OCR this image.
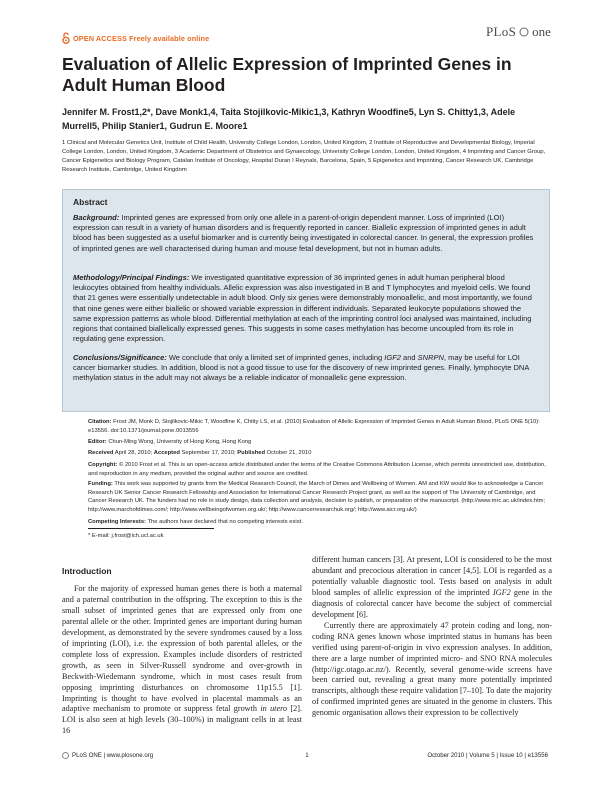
OPEN ACCESS Freely available online	PLoS one
Evaluation of Allelic Expression of Imprinted Genes in Adult Human Blood

Jennifer M. Frost1,2*, Dave Monk1,4, Taita Stojilkovic-Mikic1,3, Kathryn Woodfine5, Lyn S. Chitty1,3, Adele Murrell5, Philip Stanier1, Gudrun E. Moore1

1 Clinical and Molecular Genetics Unit, Institute of Child Health, University College London, London, United Kingdom, 2 Institute of Reproductive and Developmental Biology, Imperial College London, London, United Kingdom, 3 Academic Department of Obstetrics and Gynaecology, University College London, London, United Kingdom, 4 Imprinting and Cancer Group, Cancer Epigenetics and Biology Program, Catalan Institute of Oncology, Hospital Duran I Reynals, Barcelona, Spain, 5 Epigenetics and Imprinting, Cancer Research UK, Cambridge Research Institute, Cambridge, United Kingdom

Abstract

Background: Imprinted genes are expressed from only one allele in a parent-of-origin dependent manner. Loss of imprinted (LOI) expression can result in a variety of human disorders and is frequently reported in cancer. Biallelic expression of imprinted genes in adult blood has been suggested as a useful biomarker and is currently being investigated in colorectal cancer. In general, the expression profiles of imprinted genes are well characterised during human and mouse fetal development, but not in human adults.

Methodology/Principal Findings: We investigated quantitative expression of 36 imprinted genes in adult human peripheral blood leukocytes obtained from healthy individuals. Allelic expression was also investigated in B and T lymphocytes and myeloid cells. We found that 21 genes were essentially undetectable in adult blood. Only six genes were demonstrably monoallelic, and most importantly, we found that nine genes were either biallelic or showed variable expression in different individuals. Separated leukocyte populations showed the same expression patterns as whole blood. Differential methylation at each of the imprinting control loci analysed was maintained, including regions that contained biallelically expressed genes. This suggests in some cases methylation has become uncoupled from its role in regulating gene expression.

Conclusions/Significance: We conclude that only a limited set of imprinted genes, including IGF2 and SNRPN, may be useful for LOI cancer biomarker studies. In addition, blood is not a good tissue to use for the discovery of new imprinted genes. Finally, lymphocyte DNA methylation status in the adult may not always be a reliable indicator of monoallelic gene expression.

Citation: Frost JM, Monk D, Stojilkovic-Mikic T, Woodfine K, Chitty LS, et al. (2010) Evaluation of Allelic Expression of Imprinted Genes in Adult Human Blood. PLoS ONE 5(10): e13556. doi:10.1371/journal.pone.0013556

Editor: Chun-Ming Wong, University of Hong Kong, Hong Kong

Received April 28, 2010; Accepted September 17, 2010; Published October 21, 2010

Copyright: © 2010 Frost et al. This is an open-access article distributed under the terms of the Creative Commons Attribution License, which permits unrestricted use, distribution, and reproduction in any medium, provided the original author and source are credited.

Funding: This work was supported by grants from the Medical Research Council, the March of Dimes and Wellbeing of Women. AM and KW would like to acknowledge a Cancer Research UK Senior Cancer Research Fellowship and Association for International Cancer Research Project grant, as well as the support of The University of Cambridge, and Cancer Research UK. The funders had no role in study design, data collection and analysis, decision to publish, or preparation of the manuscript. (http://www.mrc.ac.uk/index.htm; http://www.marchofdimes.com/; http://www.wellbeingofwomen.org.uk/; http://www.cancerresearchuk.org/; http://www.aicr.org.uk/)

Competing Interests: The authors have declared that no competing interests exist.

* E-mail: j.frost@ich.ucl.ac.uk

Introduction

For the majority of expressed human genes there is both a maternal and a paternal contribution in the offspring. The exception to this is the small subset of imprinted genes that are expressed only from one parental allele or the other. Imprinted genes are important during human development, as demonstrated by the severe syndromes caused by a loss of imprinting (LOI), i.e. the expression of both parental alleles, or the complete loss of expression. Examples include disorders of restricted growth, as seen in Silver-Russell syndrome and over-growth in Beckwith-Wiedemann syndrome, which in most cases result from opposing imprinting disturbances on chromosome 11p15.5 [1]. Imprinting is thought to have evolved in placental mammals as an adaptive mechanism to promote or suppress fetal growth in utero [2]. LOI is also seen at high levels (30–100%) in malignant cells in at least 16

different human cancers [3]. At present, LOI is considered to be the most abundant and precocious alteration in cancer [4,5]. LOI is regarded as a potentially valuable diagnostic tool. Tests based on analysis in adult blood samples of allelic expression of the imprinted IGF2 gene in the diagnosis of colorectal cancer have become the subject of commercial development [6].

Currently there are approximately 47 protein coding and long, non-coding RNA genes known whose imprinted status in humans has been verified using parent-of-origin in vivo expression analyses. In addition, there are a large number of imprinted micro- and SNO RNA molecules (http://igc.otago.ac.nz/). Recently, several genome-wide screens have been carried out, revealing a great many more potentially imprinted transcripts, although these require validation [7–10]. To date the majority of confirmed imprinted genes are situated in the genome in clusters. This genomic organisation allows their expression to be collectively

PLoS ONE | www.plosone.org	1	October 2010 | Volume 5 | Issue 10 | e13556
